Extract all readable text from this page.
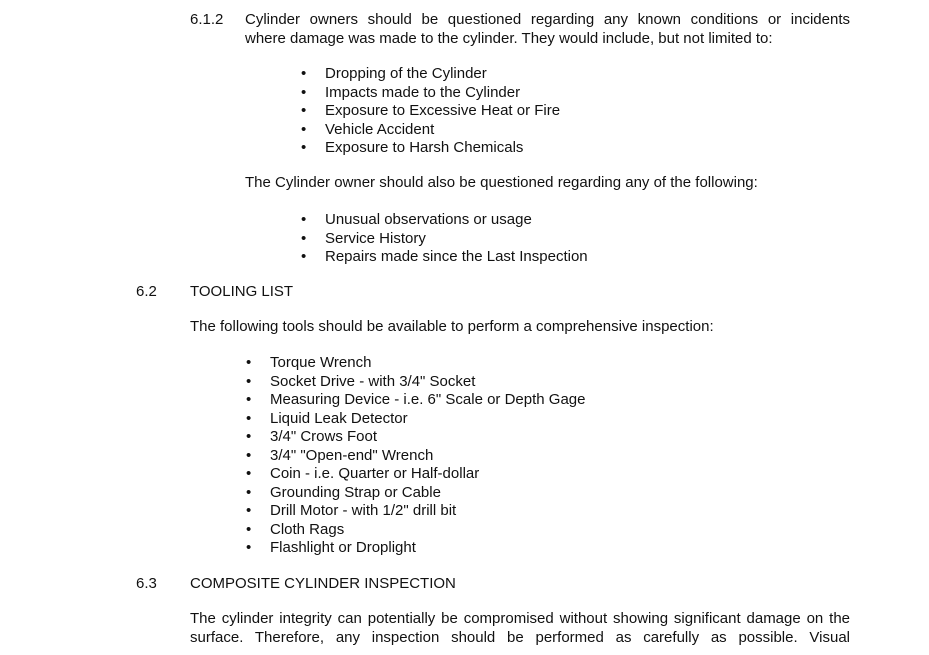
6.1.2 Cylinder owners should be questioned regarding any known conditions or incidents
where damage was made to the cylinder. They would include, but not limited to:
• Dropping of the Cylinder
• Impacts made to the Cylinder
• Exposure to Excessive Heat or Fire
• Vehicle Accident
• Exposure to Harsh Chemicals
The Cylinder owner should also be questioned regarding any of the following:
• Unusual observations or usage
• Service History
• Repairs made since the Last Inspection
6.2 TOOLING LIST
The following tools should be available to perform a comprehensive inspection:
• Torque Wrench
• Socket Drive - with 3/4" Socket
• Measuring Device - i.e. 6" Scale or Depth Gage
• Liquid Leak Detector
• 3/4" Crows Foot
• 3/4" "Open-end" Wrench
• Coin - i.e. Quarter or Half-dollar
• Grounding Strap or Cable
• Drill Motor - with 1/2" drill bit
• Cloth Rags
• Flashlight or Droplight
6.3 COMPOSITE CYLINDER INSPECTION
The cylinder integrity can potentially be compromised without showing significant damage on the
surface. Therefore, any inspection should be performed as carefully as possible. Visual
